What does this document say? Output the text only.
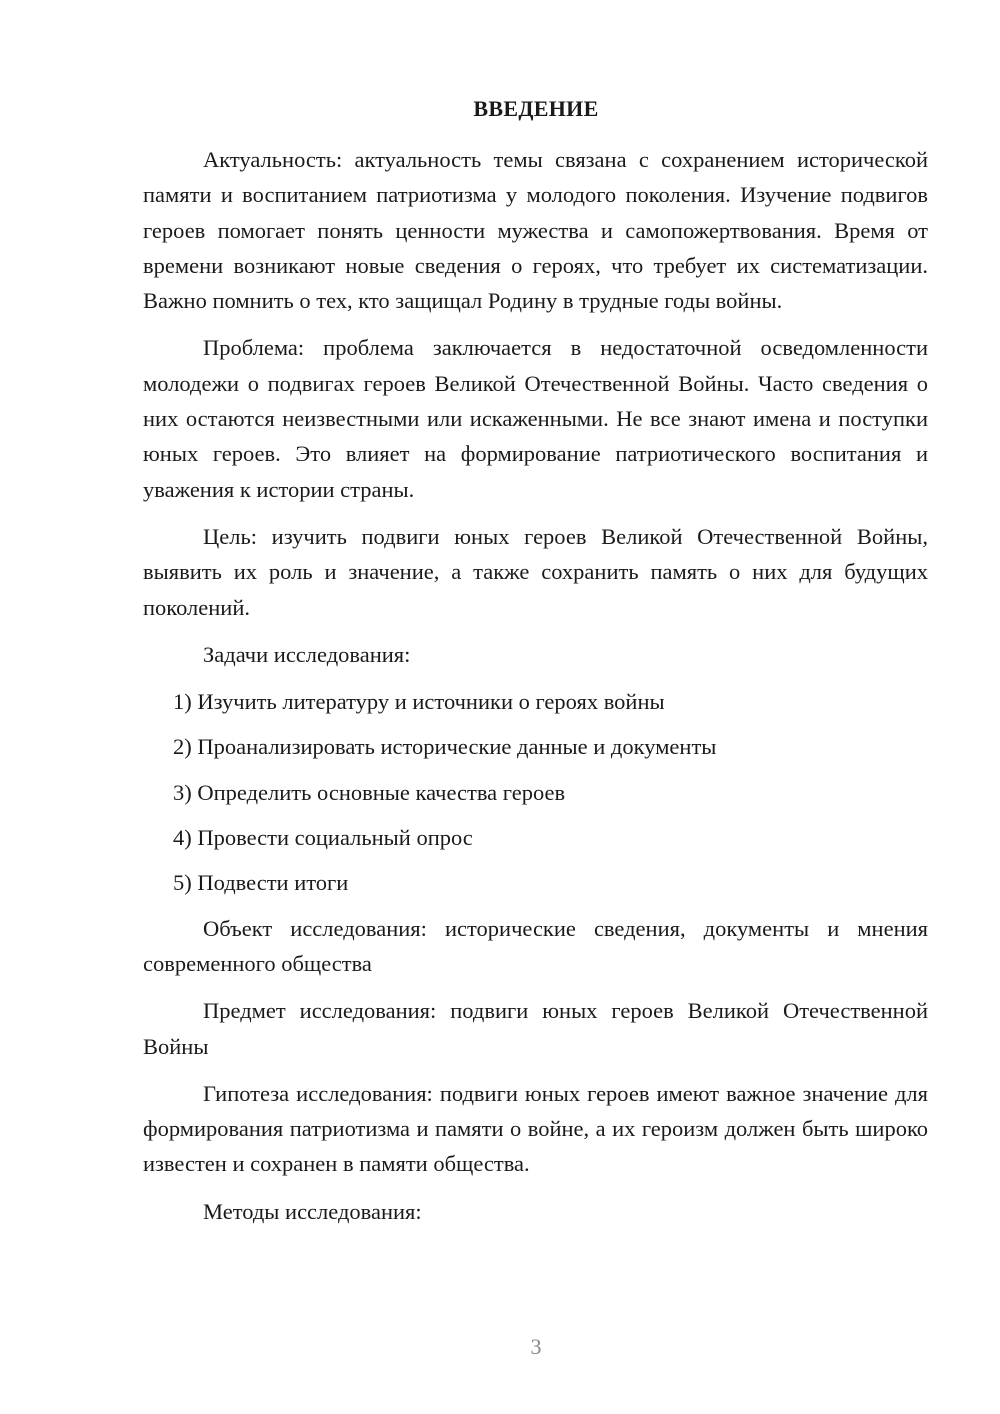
ВВЕДЕНИЕ

Актуальность: актуальность темы связана с сохранением исторической памяти и воспитанием патриотизма у молодого поколения. Изучение подвигов героев помогает понять ценности мужества и самопожертвования. Время от времени возникают новые сведения о героях, что требует их систематизации. Важно помнить о тех, кто защищал Родину в трудные годы войны.

Проблема: проблема заключается в недостаточной осведомленности молодежи о подвигах героев Великой Отечественной Войны. Часто сведения о них остаются неизвестными или искаженными. Не все знают имена и поступки юных героев. Это влияет на формирование патриотического воспитания и уважения к истории страны.

Цель: изучить подвиги юных героев Великой Отечественной Войны, выявить их роль и значение, а также сохранить память о них для будущих поколений.

Задачи исследования:

1) Изучить литературу и источники о героях войны
2) Проанализировать исторические данные и документы
3) Определить основные качества героев
4) Провести социальный опрос
5) Подвести итоги

Объект исследования: исторические сведения, документы и мнения современного общества

Предмет исследования: подвиги юных героев Великой Отечественной Войны

Гипотеза исследования: подвиги юных героев имеют важное значение для формирования патриотизма и памяти о войне, а их героизм должен быть широко известен и сохранен в памяти общества.

Методы исследования:

3
